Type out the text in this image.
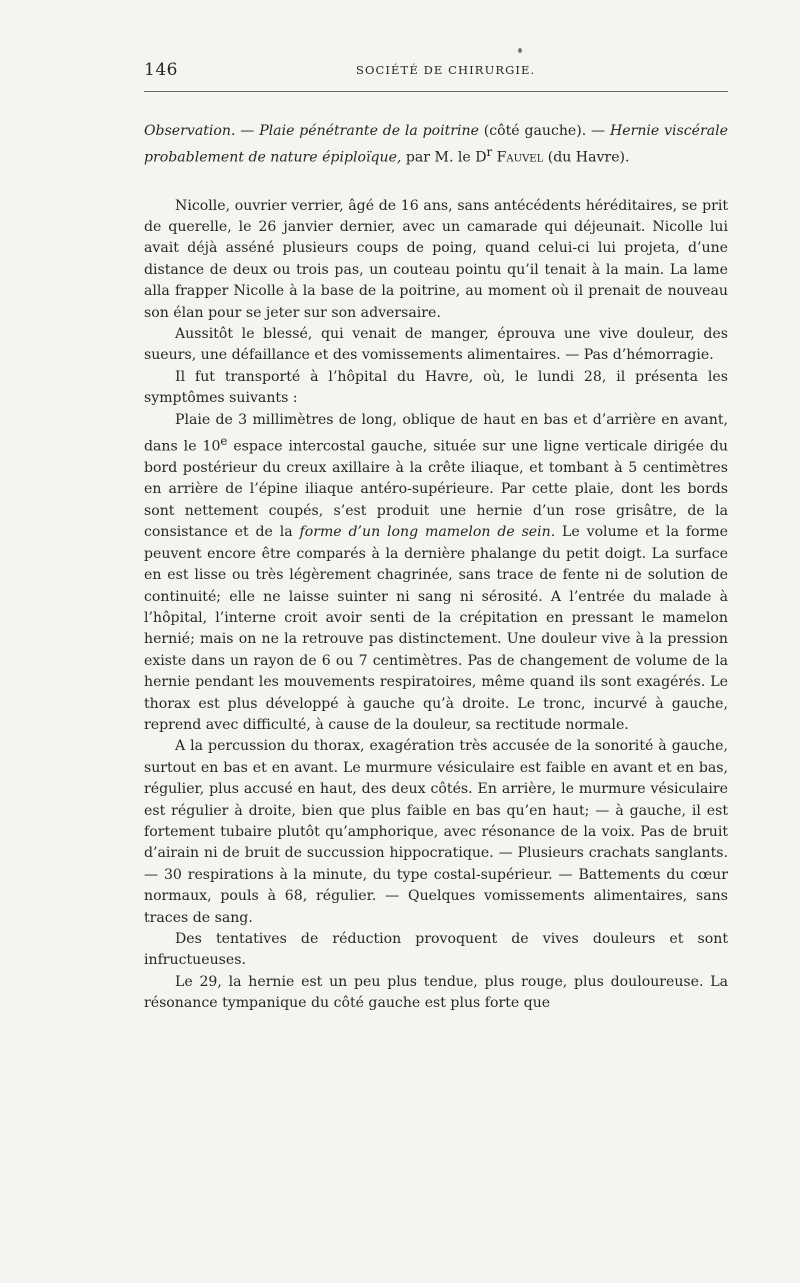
146	SOCIÉTÉ DE CHIRURGIE.

Observation. — Plaie pénétrante de la poitrine (côté gauche). — Hernie viscérale probablement de nature épiploïque, par M. le $D^r$ Fauvel (du Havre).

Nicolle, ouvrier verrier, âgé de 16 ans, sans antécédents héréditaires, se prit de querelle, le 26 janvier dernier, avec un camarade qui déjeunait. Nicolle lui avait déjà asséné plusieurs coups de poing, quand celui-ci lui projeta, d’une distance de deux ou trois pas, un couteau pointu qu’il tenait à la main. La lame alla frapper Nicolle à la base de la poitrine, au moment où il prenait de nouveau son élan pour se jeter sur son adversaire.

Aussitôt le blessé, qui venait de manger, éprouva une vive douleur, des sueurs, une défaillance et des vomissements alimentaires. — Pas d’hémorragie.

Il fut transporté à l’hôpital du Havre, où, le lundi 28, il présenta les symptômes suivants :

Plaie de 3 millimètres de long, oblique de haut en bas et d’arrière en avant, dans le 10e espace intercostal gauche, située sur une ligne verticale dirigée du bord postérieur du creux axillaire à la crête iliaque, et tombant à 5 centimètres en arrière de l’épine iliaque antéro-supérieure. Par cette plaie, dont les bords sont nettement coupés, s’est produit une hernie d’un rose grisâtre, de la consistance et de la forme d’un long mamelon de sein. Le volume et la forme peuvent encore être comparés à la dernière phalange du petit doigt. La surface en est lisse ou très légèrement chagrinée, sans trace de fente ni de solution de continuité; elle ne laisse suinter ni sang ni sérosité. A l’entrée du malade à l’hôpital, l’interne croit avoir senti de la crépitation en pressant le mamelon hernié; mais on ne la retrouve pas distinctement. Une douleur vive à la pression existe dans un rayon de 6 ou 7 centimètres. Pas de changement de volume de la hernie pendant les mouvements respiratoires, même quand ils sont exagérés. Le thorax est plus développé à gauche qu’à droite. Le tronc, incurvé à gauche, reprend avec difficulté, à cause de la douleur, sa rectitude normale.

A la percussion du thorax, exagération très accusée de la sonorité à gauche, surtout en bas et en avant. Le murmure vésiculaire est faible en avant et en bas, régulier, plus accusé en haut, des deux côtés. En arrière, le murmure vésiculaire est régulier à droite, bien que plus faible en bas qu’en haut; — à gauche, il est fortement tubaire plutôt qu’amphorique, avec résonance de la voix. Pas de bruit d’airain ni de bruit de succussion hippocratique. — Plusieurs crachats sanglants. — 30 respirations à la minute, du type costal-supérieur. — Battements du cœur normaux, pouls à 68, régulier. — Quelques vomissements alimentaires, sans traces de sang.

Des tentatives de réduction provoquent de vives douleurs et sont infructueuses.

Le 29, la hernie est un peu plus tendue, plus rouge, plus douloureuse. La résonance tympanique du côté gauche est plus forte que
